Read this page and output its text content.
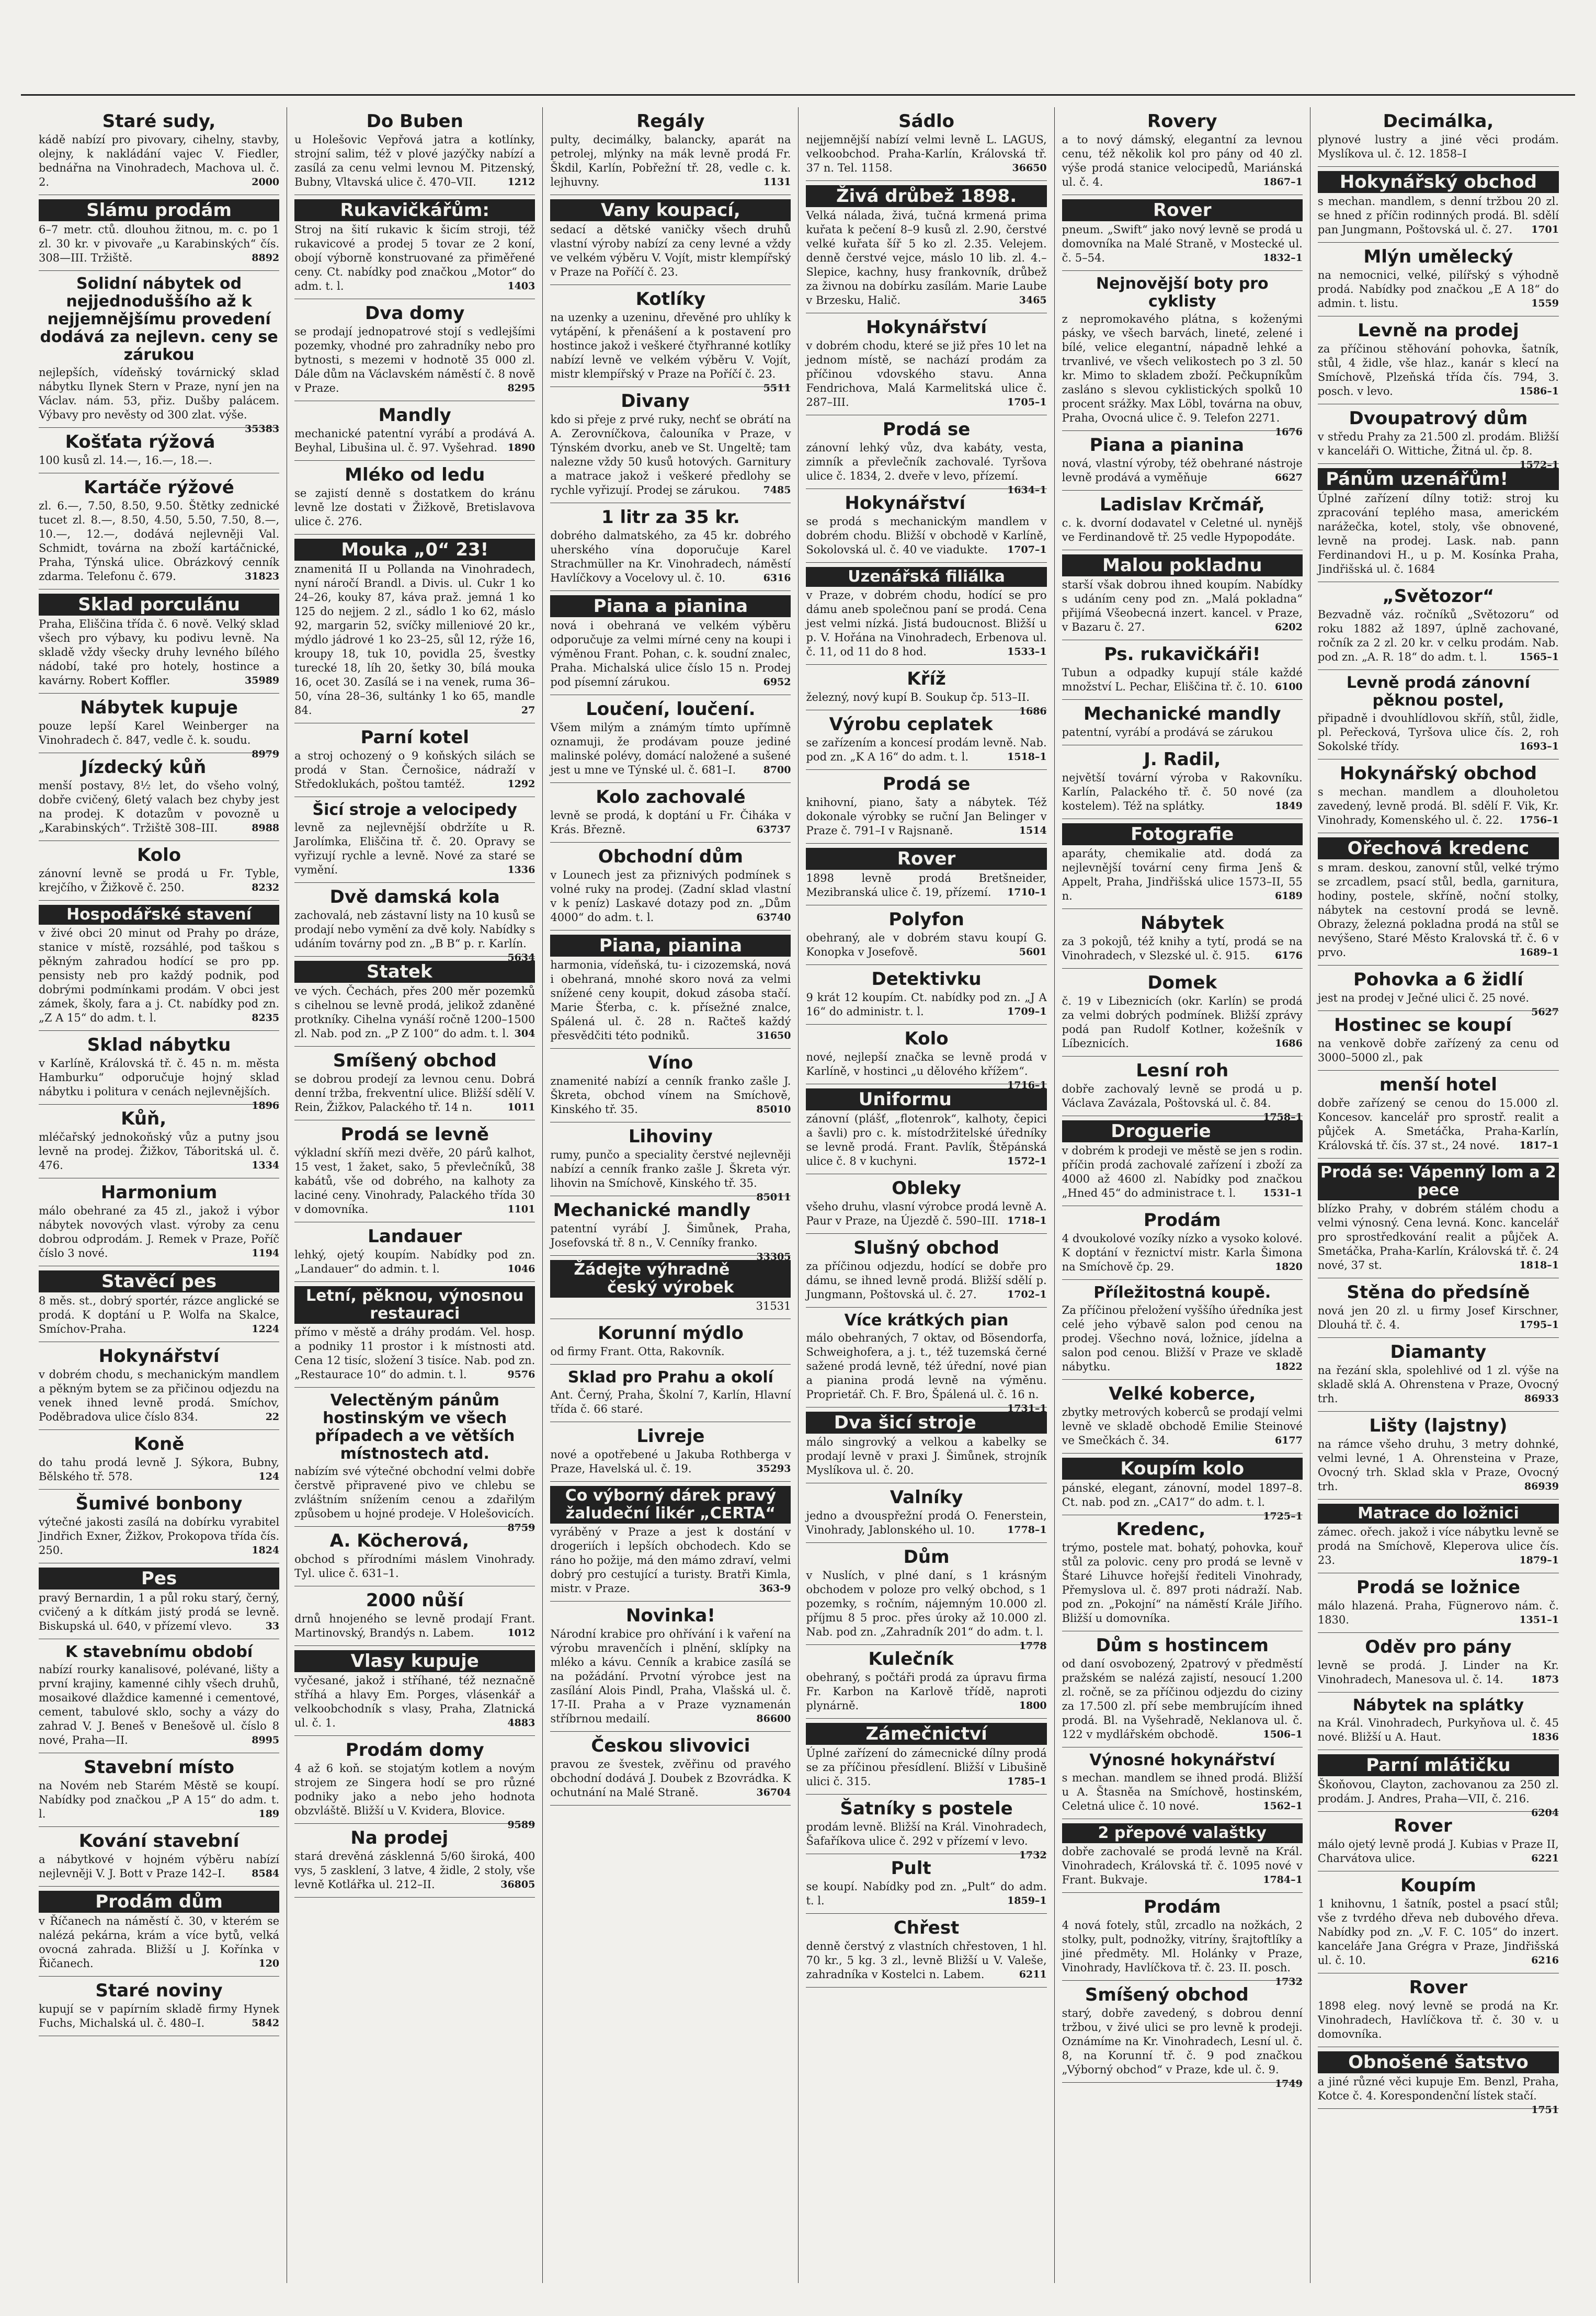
Staré sudy,
kádě nabízí pro pivovary, cihelny, stavby, olejny, k nakládání vajec V. Fiedler, bednářna na Vinohradech, Machova ul. č. 2.	2000
Slámu prodám
6–7 metr. ctů. dlouhou žitnou, m. c. po 1 zl. 30 kr. v pivovaře „u Karabinských“ čís. 308—III. Tržiště.	8892
Solidní nábytek od nejjednoduššího až k nejjemnějšímu provedení dodává za nejlevn. ceny se zárukou
nejlepších, vídeňský továrnický sklad nábytku Ilynek Stern v Praze, nyní jen na Václav. nám. 53, přiz. Dušby palácem. Výbavy pro nevěsty od 300 zlat. výše.
35383
Košťata rýžová
100 kusů zl. 14.—, 16.—, 18.—.
Kartáče rýžové
zl. 6.—, 7.50, 8.50, 9.50. Štětky zednické tucet zl. 8.—, 8.50, 4.50, 5.50, 7.50, 8.—, 10.—, 12.—, dodává nejlevněji Val. Schmidt, továrna na zboží kartáčnické, Praha, Týnská ulice. Obrázkový cenník zdarma. Telefonu č. 679.	31823
Sklad porculánu
Praha, Eliščina třída č. 6 nově. Velký sklad všech pro výbavy, ku podivu levně. Na skladě vždy všecky druhy levného bílého nádobí, také pro hotely, hostince a kavárny. Robert Koffler.	35989
Nábytek kupuje
pouze lepší Karel Weinberger na Vinohradech č. 847, vedle č. k. soudu.
8979
Jízdecký kůň
menší postavy, 8½ let, do všeho volný, dobře cvičený, 6letý valach bez chyby jest na prodej. K dotazům v povozně u „Karabinských“. Tržiště 308–III.	8988
Kolo
zánovní levně se prodá u Fr. Tyble, krejčího, v Žižkově č. 250.	8232
Hospodářské stavení
v živé obci 20 minut od Prahy po dráze, stanice v místě, rozsáhlé, pod taškou s pěkným zahradou hodící se pro pp. pensisty neb pro každý podnik, pod dobrými podmínkami prodám. V obci jest zámek, školy, fara a j. Ct. nabídky pod zn. „Z A 15“ do adm. t. l.	8235
Sklad nábytku
v Karlíně, Královská tř. č. 45 n. m. města Hamburku“ odporučuje hojný sklad nábytku i politura v cenách nejlevnějších.
1896
Kůň,
mléčařský jednokoňský vůz a putny jsou levně na prodej. Žižkov, Táboritská ul. č. 476.	1334
Harmonium
málo obehrané za 45 zl., jakož i výbor nábytek novových vlast. výroby za cenu dobrou odprodám. J. Remek v Praze, Poříč číslo 3 nové.	1194
Stavěcí pes
8 měs. st., dobrý sportér, rázce anglické se prodá. K doptání u P. Wolfa na Skalce, Smíchov-Praha.	1224
Hokynářství
v dobrém chodu, s mechanickým mandlem a pěkným bytem se za přičinou odjezdu na venek ihned levně prodá. Smíchov, Poděbradova ulice číslo 834.	22
Koně
do tahu prodá levně J. Sýkora, Bubny, Bělského tř. 578.	124
Šumivé bonbony
výtečné jakosti zasílá na dobírku vyrabitel Jindřich Exner, Žižkov, Prokopova třída čís. 250.	1824
Pes
pravý Bernardin, 1 a půl roku starý, černý, cvičený a k dítkám jistý prodá se levně. Biskupská ul. 640, v přízemí vlevo.	33
K stavebnímu období
nabízí rourky kanalisové, polévané, lišty a první krajiny, kamenné cihly všech druhů, mosaikové dlaždice kamenné i cementové, cement, tabulové sklo, sochy a vázy do zahrad V. J. Beneš v Benešově ul. číslo 8 nové, Praha—II.	8995
Stavební místo
na Novém neb Starém Městě se koupí. Nabídky pod značkou „P A 15“ do adm. t. l.	189
Kování stavební
a nábytkové v hojném výběru nabízí nejlevněji V. J. Bott v Praze 142–I.	8584
Prodám dům
v Říčanech na náměstí č. 30, v kterém se nalézá pekárna, krám a více bytů, velká ovocná zahrada. Bližší u J. Kořínka v Řičanech.	120
Staré noviny
kupují se v papírním skladě firmy Hynek Fuchs, Michalská ul. č. 480–I.	5842
Do Buben
u Holešovic Vepřová jatra a kotlínky, strojní salim, též v plové jazýčky nabízí a zasílá za cenu velmi levnou M. Pitzenský, Bubny, Vltavská ulice č. 470–VII.	1212
Rukavičkářům:
Stroj na šití rukavic k šicím stroji, též rukavicové a prodej 5 tovar ze 2 koní, obojí výborně konstruované za přiměřené ceny. Ct. nabídky pod značkou „Motor“ do adm. t. l.	1403
Dva domy
se prodají jednopatrové stojí s vedlejšími pozemky, vhodné pro zahradníky nebo pro bytnosti, s mezemi v hodnotě 35 000 zl. Dále dům na Václavském náměstí č. 8 nově v Praze.	8295
Mandly
mechanické patentní vyrábí a prodává A. Beyhal, Libušina ul. č. 97. Vyšehrad. 1890
Mléko od ledu
se zajistí denně s dostatkem do kránu levně lze dostati v Žižkově, Bretislavova ulice č. 276.
Mouka „0“ 23!
znamenitá II u Pollanda na Vinohradech, nyní náročí Brandl. a Divis. ul. Cukr 1 ko 24–26, kouky 87, káva praž. jemná 1 ko 125 do nejjem. 2 zl., sádlo 1 ko 62, máslo 92, margarin 52, svíčky milleniové 20 kr., mýdlo jádrové 1 ko 23–25, sůl 12, rýže 16, kroupy 18, tuk 10, povidla 25, švestky turecké 18, líh 20, šetky 30, bílá mouka 16, ocet 30. Zasílá se i na venek, ruma 36–50, vína 28–36, sultánky 1 ko 65, mandle 84.	27
Parní kotel
a stroj ochozený o 9 koňských silách se prodá v Stan. Černošice, nádraží v Středoklukách, poštou tamtéž.	1292
Šicí stroje a velocipedy
levně za nejlevnější obdržíte u R. Jarolímka, Eliščina tř. č. 20. Opravy se vyřizují rychle a levně. Nové za staré se vymění.	1336
Dvě damská kola
zachovalá, neb zástavní listy na 10 kusů se prodají nebo vymění za dvě koly. Nabídky s udáním továrny pod zn. „B B“ p. r. Karlín.
5634
Statek
ve vých. Čechách, přes 200 měr pozemků s cihelnou se levně prodá, jelikož zdaněné protkníky. Cihelna vynáší ročně 1200–1500 zl. Nab. pod zn. „P Z 100“ do adm. t. l. 304
Smíšený obchod
se dobrou prodejí za levnou cenu. Dobrá denní tržba, frekventní ulice. Bližší sdělí V. Rein, Žižkov, Palackého tř. 14 n.	1011
Prodá se levně
výkladní skříň mezi dvěře, 20 párů kalhot, 15 vest, 1 žaket, sako, 5 převlečníků, 38 kabátů, vše od dobrého, na kalhoty za laciné ceny. Vinohrady, Palackého třída 30 v domovníka.	1101
Landauer
lehký, ojetý koupím. Nabídky pod zn. „Landauer“ do admin. t. l.	1046
Letní, pěknou, výnosnou restauraci
přímo v městě a dráhy prodám. Vel. hosp. a podniky 11 prostor i k místnosti atd. Cena 12 tisíc, složení 3 tisíce. Nab. pod zn. „Restaurace 10“ do admin. t. l.	9576
Velectěným pánům hostinským ve všech případech a ve větších místnostech atd.
nabízím své výtečné obchodní velmi dobře čerstvě připravené pivo ve chlebu se zvláštním snížením cenou a zdařilým způsobem u hojné prodeje. V Holešovicích.
8759
A. Köcherová,
obchod s přírodními máslem Vinohrady. Tyl. ulice č. 631–1.
2000 nůší
drnů hnojeného se levně prodají Frant. Martinovský, Brandýs n. Labem.	1012
Vlasy kupuje
vyčesané, jakož i stříhané, též neznačně stříhá a hlavy Em. Porges, vlásenkář a velkoobchodník s vlasy, Praha, Zlatnická ul. č. 1.	4883
Prodám domy
4 až 6 koň. se stojatým kotlem a novým strojem ze Singera hodí se pro různé podniky jako a nebo jeho hodnota obzvláště. Bližší u V. Kvidera, Blovice.
9589
Na prodej
stará drevěná zásklenná 5/60 široká, 400 vys, 5 zasklení, 3 latve, 4 židle, 2 stoly, vše levně Kotlářka ul. 212–II.	36805
Regály
pulty, decimálky, balancky, aparát na petrolej, mlýnky na mák levně prodá Fr. Škdil, Karlín, Pobřežní tř. 28, vedle c. k. lejhuvny.	1131
Vany koupací,
sedací a dětské vaničky všech druhů vlastní výroby nabízí za ceny levné a vždy ve velkém výběru V. Vojít, mistr klempířský v Praze na Poříčí č. 23.
Kotlíky
na uzenky a uzeninu, dřevěné pro uhlíky k vytápění, k přenášení a k postavení pro hostince jakož i veškeré čtyřhranné kotlíky nabízí levně ve velkém výběru V. Vojít, mistr klempířský v Praze na Poříčí č. 23.
5511
Divany
kdo si přeje z prvé ruky, nechť se obrátí na A. Zerovníčkova, čalouníka v Praze, v Týnském dvorku, aneb ve St. Ungeltě; tam nalezne vždy 50 kusů hotových. Garnitury a matrace jakož i veškeré předlohy se rychle vyřizují. Prodej se zárukou. 7485
1 litr za 35 kr.
dobrého dalmatského, za 45 kr. dobrého uherského vína doporučuje Karel Strachmüller na Kr. Vinohradech, náměstí Havlíčkovy a Vocelovy ul. č. 10.	6316
Piana a pianina
nová i obehraná ve velkém výběru odporučuje za velmi mírné ceny na koupi i výměnou Frant. Pohan, c. k. soudní znalec, Praha. Michalská ulice číslo 15 n. Prodej pod písemní zárukou.	6952
Loučení, loučení.
Všem milým a známým tímto upřímně oznamuji, že prodávam pouze jediné malinské polévy, domácí naložené a sušené jest u mne ve Týnské ul. č. 681–I.	8700
Kolo zachovalé
levně se prodá, k doptání u Fr. Čiháka v Krás. Březně.	63737
Obchodní dům
v Lounech jest za přiznivých podmínek s volné ruky na prodej. (Zadní sklad vlastní v k peníz) Laskavé dotazy pod zn. „Dům 4000“ do adm. t. l.	63740
Piana, pianina
harmonia, vídeňská, tu- i cizozemská, nová i obehraná, mnohé skoro nová za velmi snížené ceny koupit, dokud zásoba stačí. Marie Šťerba, c. k. přísežné znalce, Spálená ul. č. 28 n. Račteš každý přesvědčiti této podniků.	31650
Víno
znamenité nabízí a cenník franko zašle J. Škreta, obchod vínem na Smíchově, Kinského tř. 35.	85010
Lihoviny
rumy, punčo a speciality čerstvé nejlevněji nabízí a cenník franko zašle J. Škreta výr. lihovin na Smíchově, Kinského tř. 35.
85011
Mechanické mandly
patentní vyrábí J. Šimůnek, Praha, Josefovská tř. 8 n., V. Cenníky franko.
33305
Žádejte výhradně český výrobek
31531
Korunní mýdlo
od firmy Frant. Otta, Rakovník.
Sklad pro Prahu a okolí
Ant. Černý, Praha, Školní 7, Karlín, Hlavní třída č. 66 staré.
Livreje
nové a opotřebené u Jakuba Rothberga v Praze, Havelská ul. č. 19.	35293
Co výborný dárek pravý žaludeční likér „CERTA“
vyráběný v Praze a jest k dostání v drogeriích i lepších obchodech. Kdo se ráno ho požije, má den mámo zdraví, velmi dobrý pro cestující a turisty. Bratři Kimla, mistr. v Praze.	363-9
Novinka!
Národní krabice pro ohřívání i k vaření na výrobu mravenčích i plnění, sklípky na mléko a kávu. Cenník a krabice zasílá se na požádání. Prvotní výrobce jest na zasílání Alois Pindl, Praha, Vlašská ul. č. 17-II. Praha a v Praze vyznamenán stříbrnou medailí.	86600
Českou slivovici
pravou ze švestek, zvěřinu od pravého obchodní dodává J. Doubek z Bzovrádka. K ochutnání na Malé Straně.	36704
Sádlo
nejjemnější nabízí velmi levně L. LAGUS, velkoobchod. Praha-Karlín, Královská tř. 37 n. Tel. 1158.	36650
Živá drůbež 1898.
Velká nálada, živá, tučná krmená prima kuřata k pečení 8–9 kusů zl. 2.90, čerstvé velké kuřata šíř 5 ko zl. 2.35. Velejem. denně čerstvé vejce, máslo 10 lib. zl. 4.– Slepice, kachny, husy frankovník, drůbež za živnou na dobírku zasílám. Marie Laube v Brzesku, Halič.	3465
Hokynářství
v dobrém chodu, které se již přes 10 let na jednom místě, se nachází prodám za příčinou vdovského stavu. Anna Fendrichova, Malá Karmelitská ulice č. 287–III.	1705–1
Prodá se
zánovní lehký vůz, dva kabáty, vesta, zimník a převlečník zachovalé. Tyršova ulice č. 1834, 2. dveře v levo, přízemí.
1634–1
Hokynářství
se prodá s mechanickým mandlem v dobrém chodu. Bližší v obchodě v Karlíně, Sokolovská ul. č. 40 ve viadukte. 1707–1
Uzenářská filiálka
v Praze, v dobrém chodu, hodící se pro dámu aneb společnou paní se prodá. Cena jest velmi nízká. Jistá budoucnost. Bližší u p. V. Hořána na Vinohradech, Erbenova ul. č. 11, od 11 do 8 hod.	1533–1
Kříž
železný, nový kupí B. Soukup čp. 513–II.
1686
Výrobu ceplatek
se zařízením a koncesí prodám levně. Nab. pod zn. „K A 16“ do adm. t. l.	1518–1
Prodá se
knihovní, piano, šaty a nábytek. Též dokonale výrobky se ruční Jan Belinger v Praze č. 791–I v Rajsnaně.	1514
Rover
1898 levně prodá Bretšneider, Mezibranská ulice č. 19, přízemí. 1710–1
Polyfon
obehraný, ale v dobrém stavu koupí G. Konopka v Josefově.	5601
Detektivku
9 krát 12 koupím. Ct. nabídky pod zn. „J A 16“ do administr. t. l.	1709–1
Kolo
nové, nejlepší značka se levně prodá v Karlíně, v hostinci „u dělového křížem“.
1716–1
Uniformu
zánovní (plášť, „flotenrok“, kalhoty, čepici a šavli) pro c. k. místodržitelské úředníky se levně prodá. Frant. Pavlík, Štěpánská ulice č. 8 v kuchyni.	1572–1
Obleky
všeho druhu, vlasní výrobce prodá levně A. Paur v Praze, na Újezdě č. 590–III. 1718–1
Slušný obchod
za příčinou odjezdu, hodící se dobře pro dámu, se ihned levně prodá. Bližší sdělí p. Jungmann, Poštovská ul. č. 27.	1702–1
Více krátkých pian
málo obehraných, 7 oktav, od Bösendorfa, Schweighofera, a j. t., též tuzemská černé sažené prodá levně, též úřední, nové pian a pianina prodá levně na výměnu. Proprietář. Ch. F. Bro, Špálená ul. č. 16 n.
1731–1
Dva šicí stroje
málo singrovký a velkou a kabelky se prodají levně v praxi J. Šimůnek, strojník Myslíkova ul. č. 20.
Valníky
jedno a dvouspřežní prodá O. Fenerstein, Vinohrady, Jablonského ul. 10.	1778–1
Dům
v Nuslích, v plné daní, s 1 krásným obchodem v poloze pro velký obchod, s 1 pozemky, s ročním, nájemným 10.000 zl. příjmu 8 5 proc. přes úroky až 10.000 zl. Nab. pod zn. „Zahradník 201“ do adm. t. l.
1778
Kulečník
obehraný, s počtáři prodá za úpravu firma Fr. Karbon na Karlově třídě, naproti plynárně.	1800
Zámečnictví
Úplné zařízení do zámecnické dílny prodá se za příčinou přesídlení. Bližší v Libušině ulici č. 315.	1785–1
Šatníky s postele
prodám levně. Bližší na Král. Vinohradech, Šafaříkova ulice č. 292 v přízemí v levo.
1732
Pult
se koupí. Nabídky pod zn. „Pult“ do adm. t. l.	1859–1
Chřest
denně čerstvý z vlastních chřestoven, 1 hl. 70 kr., 5 kg. 3 zl., levně Bližší u V. Valeše, zahradníka v Kostelci n. Labem.	6211
Rovery
a to nový dámský, elegantní za levnou cenu, též několik kol pro pány od 40 zl. výše prodá stanice velocipedů, Mariánská ul. č. 4.	1867–1
Rover
pneum. „Swift“ jako nový levně se prodá u domovníka na Malé Straně, v Mostecké ul. č. 5–54.	1832–1
Nejnovější boty pro cyklisty
z nepromokavého plátna, s koženými pásky, ve všech barvách, lineté, zelené i bílé, velice elegantní, nápadně lehké a trvanlivé, ve všech velikostech po 3 zl. 50 kr. Mimo to skladem zboží. Pečkupníkům zasláno s slevou cyklistických spolků 10 procent srážky. Max Löbl, továrna na obuv, Praha, Ovocná ulice č. 9. Telefon 2271.
1676
Piana a pianina
nová, vlastní výroby, též obehrané nástroje levně prodává a vyměňuje	6627
Ladislav Krčmář,
c. k. dvorní dodavatel v Celetné ul. nynějš ve Ferdinandově tř. 25 vedle Hypopodáte.
Malou pokladnu
starší však dobrou ihned koupím. Nabídky s udáním ceny pod zn. „Malá pokladna“ přijímá Všeobecná inzert. kancel. v Praze, v Bazaru č. 27.	6202
Ps. rukavičkáři!
Tubun a odpadky kupují stále každé množství L. Pechar, Eliščina tř. č. 10. 6100
Mechanické mandly
patentní, vyrábí a prodává se zárukou
J. Radil,
největší tovární výroba v Rakovníku. Karlín, Palackého tř. č. 50 nové (za kostelem). Též na splátky.	1849
Fotografie
aparáty, chemikalie atd. dodá za nejlevnější tovární ceny firma Jenš & Appelt, Praha, Jindřišská ulice 1573–II, 55 n.	6189
Nábytek
za 3 pokojů, též knihy a tytí, prodá se na Vinohradech, v Slezské ul. č. 915.	6176
Domek
č. 19 v Libeznicích (okr. Karlín) se prodá za velmi dobrých podmínek. Bližší zprávy podá pan Rudolf Kotlner, kožešník v Líbeznicích.	1686
Lesní roh
dobře zachovalý levně se prodá u p. Václava Zavázala, Poštovská ul. č. 84.
1758–1
Droguerie
v dobrém k prodeji ve městě se jen s rodin. příčin prodá zachovalé zařízení i zboží za 4000 až 4600 zl. Nabídky pod značkou „Hned 45“ do administrace t. l.	1531–1
Prodám
4 dvoukolové vozíky nízko a vysoko kolové. K doptání v řeznictví mistr. Karla Šimona na Smíchově čp. 29.	1820
Příležitostná koupě.
Za příčinou přeložení vyššího úředníka jest celé jeho výbavě salon pod cenou na prodej. Všechno nová, ložnice, jídelna a salon pod cenou. Bližší v Praze ve skladě nábytku.	1822
Velké koberce,
zbytky metrových koberců se prodají velmi levně ve skladě obchodě Emilie Steinové ve Smečkách č. 34.	6177
Koupím kolo
pánské, elegant, zánovní, model 1897–8. Ct. nab. pod zn. „CA17“ do adm. t. l.
1725–1
Kredenc,
trýmo, postele mat. bohatý, pohovka, kouř stůl za polovic. ceny pro prodá se levně v Štaré Lihuvce hořejší řediteli Vinohrady, Přemyslova ul. č. 897 proti nádraží. Nab. pod zn. „Pokojní“ na náměstí Krále Jiřího. Bližší u domovníka.
Dům s hostincem
od daní osvobozený, 2patrový v předměstí pražském se nalézá zajistí, nesoucí 1.200 zl. ročně, se za příčinou odjezdu do ciziny za 17.500 zl. pří sebe membrujícím ihned prodá. Bl. na Vyšehradě, Neklanova ul. č. 122 v mydlářském obchodě.	1506–1
Výnosné hokynářství
s mechan. mandlem se ihned prodá. Bližší u A. Štasněa na Smíchově, hostinském, Celetná ulice č. 10 nové.	1562–1
2 přepové valaštky
dobře zachovalé se prodá levně na Král. Vinohradech, Královská tř. č. 1095 nové v Frant. Bukvaje.	1784–1
Prodám
4 nová fotely, stůl, zrcadlo na nožkách, 2 stolky, pult, podnožky, vitríny, šrajtoftlíky a jiné předměty. Ml. Holánky v Praze, Vinohrady, Havlíčkova tř. č. 23. II. posch.
1732
Smíšený obchod
starý, dobře zavedený, s dobrou denní tržbou, v živé ulici se pro levně k prodeji. Oznámíme na Kr. Vinohradech, Lesní ul. č. 8, na Korunní tř. č. 9 pod značkou „Výborný obchod“ v Praze, kde ul. č. 9.
1749
Decimálka,
plynové lustry a jiné věci prodám. Myslíkova ul. č. 12. 1858–I
Hokynářský obchod
s mechan. mandlem, s denní tržbou 20 zl. se hned z příčin rodinných prodá. Bl. sdělí pan Jungmann, Poštovská ul. č. 27. 1701
Mlýn umělecký
na nemocnici, velké, pilířský s výhodně prodá. Nabídky pod značkou „E A 18“ do admin. t. listu.	1559
Levně na prodej
za příčinou stěhování pohovka, šatník, stůl, 4 židle, vše hlaz., kanár s klecí na Smíchově, Plzeňská třída čís. 794, 3. posch. v levo.	1586–1
Dvoupatrový dům
v středu Prahy za 21.500 zl. prodám. Bližší v kanceláři O. Wittiche, Žitná ul. čp. 8.
1572–1
Pánům uzenářům!
Úplné zařízení dílny totiž: stroj ku zpracování teplého masa, americkém narážečka, kotel, stoly, vše obnovené, levně na prodej. Lask. nab. pann Ferdinandovi H., u p. M. Kosínka Praha, Jindřišská ul. č. 1684
„Světozor“
Bezvadně váz. ročníků „Světozoru“ od roku 1882 až 1897, úplně zachované, ročník za 2 zl. 20 kr. v celku prodám. Nab. pod zn. „A. R. 18“ do adm. t. l.	1565–1
Levně prodá zánovní pěknou postel,
připadně i dvouhlídlovou skříň, stůl, židle, pl. Peřecková, Tyršova ulice čís. 2, roh Sokolské třídy.	1693–1
Hokynářský obchod
s mechan. mandlem a dlouholetou zavedený, levně prodá. Bl. sdělí F. Vik, Kr. Vinohrady, Komenského ul. č. 22. 1756–1
Ořechová kredenc
s mram. deskou, zanovní stůl, velké trýmo se zrcadlem, psací stůl, bedla, garnitura, hodiny, postele, skříně, noční stolky, nábytek na cestovní prodá se levně. Obrazy, železná pokladna prodá na stůl se nevýšeno, Staré Město Kralovská tř. č. 6 v prvo.	1689–1
Pohovka a 6 židlí
jest na prodej v Ječné ulici č. 25 nové.
5627
Hostinec se koupí
na venkově dobře zařízený za cenu od 3000–5000 zl., pak
menší hotel
dobře zařízený se cenou do 15.000 zl. Koncesov. kancelář pro sprostř. realit a půjček A. Smetáčka, Praha-Karlín, Královská tř. čís. 37 st., 24 nové. 1817–1
Prodá se: Vápenný lom a 2 pece
blízko Prahy, v dobrém stálém chodu a velmi výnosný. Cena levná. Konc. kancelář pro sprostředkování realit a půjček A. Smetáčka, Praha-Karlín, Královská tř. č. 24 nové, 37 st.	1818–1
Stěna do předsíně
nová jen 20 zl. u firmy Josef Kirschner, Dlouhá tř. č. 4.	1795–1
Diamanty
na řezání skla, spolehlivé od 1 zl. výše na skladě sklá A. Ohrenstena v Praze, Ovocný trh.	86933
Lišty (lajstny)
na rámce všeho druhu, 3 metry dohnké, velmi levné, 1 A. Ohrensteina v Praze, Ovocný trh. Sklad skla v Praze, Ovocný trh.	86939
Matrace do ložnici
zámec. ořech. jakož i více nábytku levně se prodá na Smíchově, Kleperova ulice čís. 23.	1879–1
Prodá se ložnice
málo hlazená. Praha, Fügnerovo nám. č. 1830.	1351–1
Oděv pro pány
levně se prodá. J. Linder na Kr. Vinohradech, Manesova ul. č. 14.	1873
Nábytek na splátky
na Král. Vinohradech, Purkyňova ul. č. 45 nové. Bližší u A. Haut.	1836
Parní mlátičku
Škoňovou, Clayton, zachovanou za 250 zl. prodám. J. Andres, Praha—VII, č. 216.
6204
Rover
málo ojetý levně prodá J. Kubias v Praze II, Charvátova ulice.	6221
Koupím
1 knihovnu, 1 šatník, postel a psací stůl; vše z tvrdého dřeva neb dubového dřeva. Nabídky pod zn. „V. F. C. 105“ do inzert. kanceláře Jana Grégra v Praze, Jindřišská ul. č. 10.	6216
Rover
1898 eleg. nový levně se prodá na Kr. Vinohradech, Havlíčkova tř. č. 30 v. u domovníka.
Obnošené šatstvo
a jiné různé věci kupuje Em. Benzl, Praha, Kotce č. 4. Korespondenční lístek stačí.
1751
